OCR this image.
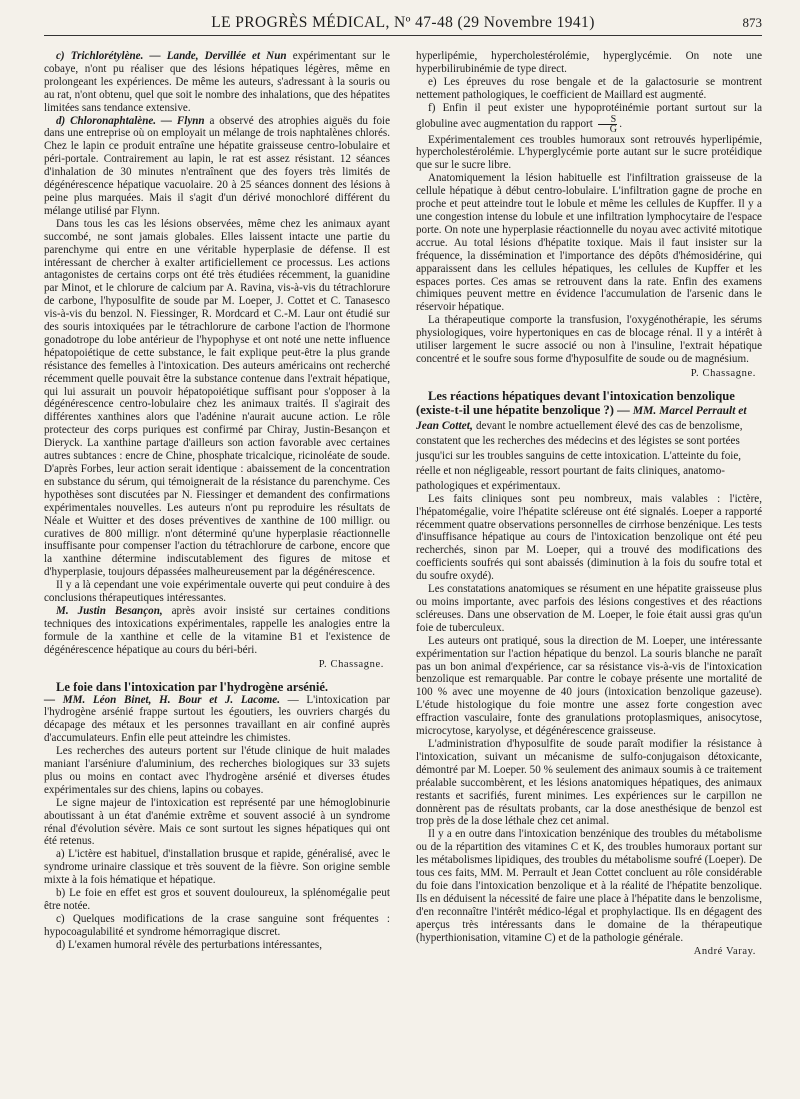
LE PROGRÈS MÉDICAL, Nº 47-48 (29 Novembre 1941)	873

c) Trichlorétylène. — Lande, Dervillée et Nun expérimentant sur le cobaye, n'ont pu réaliser que des lésions hépatiques légères, même en prolongeant les expériences. De même les auteurs, s'adressant à la souris ou au rat, n'ont obtenu, quel que soit le nombre des inhalations, que des hépatites limitées sans tendance extensive.

d) Chloronaphtalène. — Flynn a observé des atrophies aiguës du foie dans une entreprise où on employait un mélange de trois naphtalènes chlorés. Chez le lapin ce produit entraîne une hépatite graisseuse centro-lobulaire et péri-portale. Contrairement au lapin, le rat est assez résistant. 12 séances d'inhalation de 30 minutes n'entraînent que des foyers très limités de dégénérescence hépatique vacuolaire. 20 à 25 séances donnent des lésions à peine plus marquées. Mais il s'agit d'un dérivé monochloré différent du mélange utilisé par Flynn.

Dans tous les cas les lésions observées, même chez les animaux ayant succombé, ne sont jamais globales. Elles laissent intacte une partie du parenchyme qui entre en une véritable hyperplasie de défense. Il est intéressant de chercher à exalter artificiellement ce processus. Les actions antagonistes de certains corps ont été très étudiées récemment, la guanidine par Minot, et le chlorure de calcium par A. Ravina, vis-à-vis du tétrachlorure de carbone, l'hyposulfite de soude par M. Loeper, J. Cottet et C. Tanasesco vis-à-vis du benzol. N. Fiessinger, R. Mordcard et C.-M. Laur ont étudié sur des souris intoxiquées par le tétrachlorure de carbone l'action de l'hormone gonadotrope du lobe antérieur de l'hypophyse et ont noté une nette influence hépatopoiétique de cette substance, le fait explique peut-être la plus grande résistance des femelles à l'intoxication. Des auteurs américains ont recherché récemment quelle pouvait être la substance contenue dans l'extrait hépatique, qui lui assurait un pouvoir hépatopoiétique suffisant pour s'opposer à la dégénérescence centro-lobulaire chez les animaux traités. Il s'agirait des différentes xanthines alors que l'adénine n'aurait aucune action. Le rôle protecteur des corps puriques est confirmé par Chiray, Justin-Besançon et Dieryck. La xanthine partage d'ailleurs son action favorable avec certaines autres subtances : encre de Chine, phosphate tricalcique, ricinoléate de soude. D'après Forbes, leur action serait identique : abaissement de la concentration en substance du sérum, qui témoignerait de la résistance du parenchyme. Ces hypothèses sont discutées par N. Fiessinger et demandent des confirmations expérimentales nouvelles. Les auteurs n'ont pu reproduire les résultats de Néale et Wuitter et des doses préventives de xanthine de 100 milligr. ou curatives de 800 milligr. n'ont déterminé qu'une hyperplasie réactionnelle insuffisante pour compenser l'action du tétrachlorure de carbone, encore que la xanthine détermine indiscutablement des figures de mitose et d'hyperplasie, toujours dépassées malheureusement par la dégénérescence.

Il y a là cependant une voie expérimentale ouverte qui peut conduire à des conclusions thérapeutiques intéressantes.

M. Justin Besançon, après avoir insisté sur certaines conditions techniques des intoxications expérimentales, rappelle les analogies entre la formule de la xanthine et celle de la vitamine B1 et l'existence de dégénérescence hépatique au cours du béri-béri.

P. Chassagne.

Le foie dans l'intoxication par l'hydrogène arsénié.

— MM. Léon Binet, H. Bour et J. Lacome. — L'intoxication par l'hydrogène arsénié frappe surtout les égoutiers, les ouvriers chargés du décapage des métaux et les personnes travaillant en air confiné auprès d'accumulateurs. Enfin elle peut atteindre les chimistes.

Les recherches des auteurs portent sur l'étude clinique de huit malades maniant l'arséniure d'aluminium, des recherches biologiques sur 33 sujets plus ou moins en contact avec l'hydrogène arsénié et diverses études expérimentales sur des chiens, lapins ou cobayes.

Le signe majeur de l'intoxication est représenté par une hémoglobinurie aboutissant à un état d'anémie extrême et souvent associé à un syndrome rénal d'évolution sévère. Mais ce sont surtout les signes hépatiques qui ont été retenus.

a) L'ictère est habituel, d'installation brusque et rapide, généralisé, avec le syndrome urinaire classique et très souvent de la fièvre. Son origine semble mixte à la fois hématique et hépatique.

b) Le foie en effet est gros et souvent douloureux, la splénomégalie peut être notée.

c) Quelques modifications de la crase sanguine sont fréquentes : hypocoagulabilité et syndrome hémorragique discret.

d) L'examen humoral révèle des perturbations intéressantes,

hyperlipémie, hypercholestérolémie, hyperglycémie. On note une hyperbilirubinémie de type direct.

e) Les épreuves du rose bengale et de la galactosurie se montrent nettement pathologiques, le coefficient de Maillard est augmenté.

f) Enfin il peut exister une hypoprotéinémie portant surtout sur la globuline avec augmentation du rapport $\frac{S}{G}$ .

Expérimentalement ces troubles humoraux sont retrouvés hyperlipémie, hypercholestérolémie. L'hyperglycémie porte autant sur le sucre protéidique que sur le sucre libre.

Anatomiquement la lésion habituelle est l'infiltration graisseuse de la cellule hépatique à début centro-lobulaire. L'infiltration gagne de proche en proche et peut atteindre tout le lobule et même les cellules de Kupffer. Il y a une congestion intense du lobule et une infiltration lymphocytaire de l'espace porte. On note une hyperplasie réactionnelle du noyau avec activité mitotique accrue. Au total lésions d'hépatite toxique. Mais il faut insister sur la fréquence, la dissémination et l'importance des dépôts d'hémosidérine, qui apparaissent dans les cellules hépatiques, les cellules de Kupffer et les espaces portes. Ces amas se retrouvent dans la rate. Enfin des examens chimiques peuvent mettre en évidence l'accumulation de l'arsenic dans le réservoir hépatique.

La thérapeutique comporte la transfusion, l'oxygénothérapie, les sérums physiologiques, voire hypertoniques en cas de blocage rénal. Il y a intérêt à utiliser largement le sucre associé ou non à l'insuline, l'extrait hépatique concentré et le soufre sous forme d'hyposulfite de soude ou de magnésium.

P. Chassagne.

Les réactions hépatiques devant l'intoxication benzolique (existe-t-il une hépatite benzolique ?) — MM. Marcel Perrault et Jean Cottet, devant le nombre actuellement élevé des cas de benzolisme, constatent que les recherches des médecins et des légistes se sont portées jusqu'ici sur les troubles sanguins de cette intoxication. L'atteinte du foie, réelle et non négligeable, ressort pourtant de faits cliniques, anatomo-pathologiques et expérimentaux.

Les faits cliniques sont peu nombreux, mais valables : l'ictère, l'hépatomégalie, voire l'hépatite scléreuse ont été signalés. Loeper a rapporté récemment quatre observations personnelles de cirrhose benzénique. Les tests d'insuffisance hépatique au cours de l'intoxication benzolique ont été peu recherchés, sinon par M. Loeper, qui a trouvé des modifications des coefficients soufrés qui sont abaissés (diminution à la fois du soufre total et du soufre oxydé).

Les constatations anatomiques se résument en une hépatite graisseuse plus ou moins importante, avec parfois des lésions congestives et des réactions scléreuses. Dans une observation de M. Loeper, le foie était aussi gras qu'un foie de tuberculeux.

Les auteurs ont pratiqué, sous la direction de M. Loeper, une intéressante expérimentation sur l'action hépatique du benzol. La souris blanche ne paraît pas un bon animal d'expérience, car sa résistance vis-à-vis de l'intoxication benzolique est remarquable. Par contre le cobaye présente une mortalité de 100 % avec une moyenne de 40 jours (intoxication benzolique gazeuse). L'étude histologique du foie montre une assez forte congestion avec effraction vasculaire, fonte des granulations protoplasmiques, anisocytose, microcytose, karyolyse, et dégénérescence graisseuse.

L'administration d'hyposulfite de soude paraît modifier la résistance à l'intoxication, suivant un mécanisme de sulfo-conjugaison détoxicante, démontré par M. Loeper. 50 % seulement des animaux soumis à ce traitement préalable succombèrent, et les lésions anatomiques hépatiques, des animaux restants et sacrifiés, furent minimes. Les expériences sur le carpillon ne donnèrent pas de résultats probants, car la dose anesthésique de benzol est trop près de la dose léthale chez cet animal.

Il y a en outre dans l'intoxication benzénique des troubles du métabolisme ou de la répartition des vitamines C et K, des troubles humoraux portant sur les métabolismes lipidiques, des troubles du métabolisme soufré (Loeper). De tous ces faits, MM. M. Perrault et Jean Cottet concluent au rôle considérable du foie dans l'intoxication benzolique et à la réalité de l'hépatite benzolique. Ils en déduisent la nécessité de faire une place à l'hépatite dans le benzolisme, d'en reconnaître l'intérêt médico-légal et prophylactique. Ils en dégagent des aperçus très intéressants dans le domaine de la thérapeutique (hyperthionisation, vitamine C) et de la pathologie générale.

André Varay.
